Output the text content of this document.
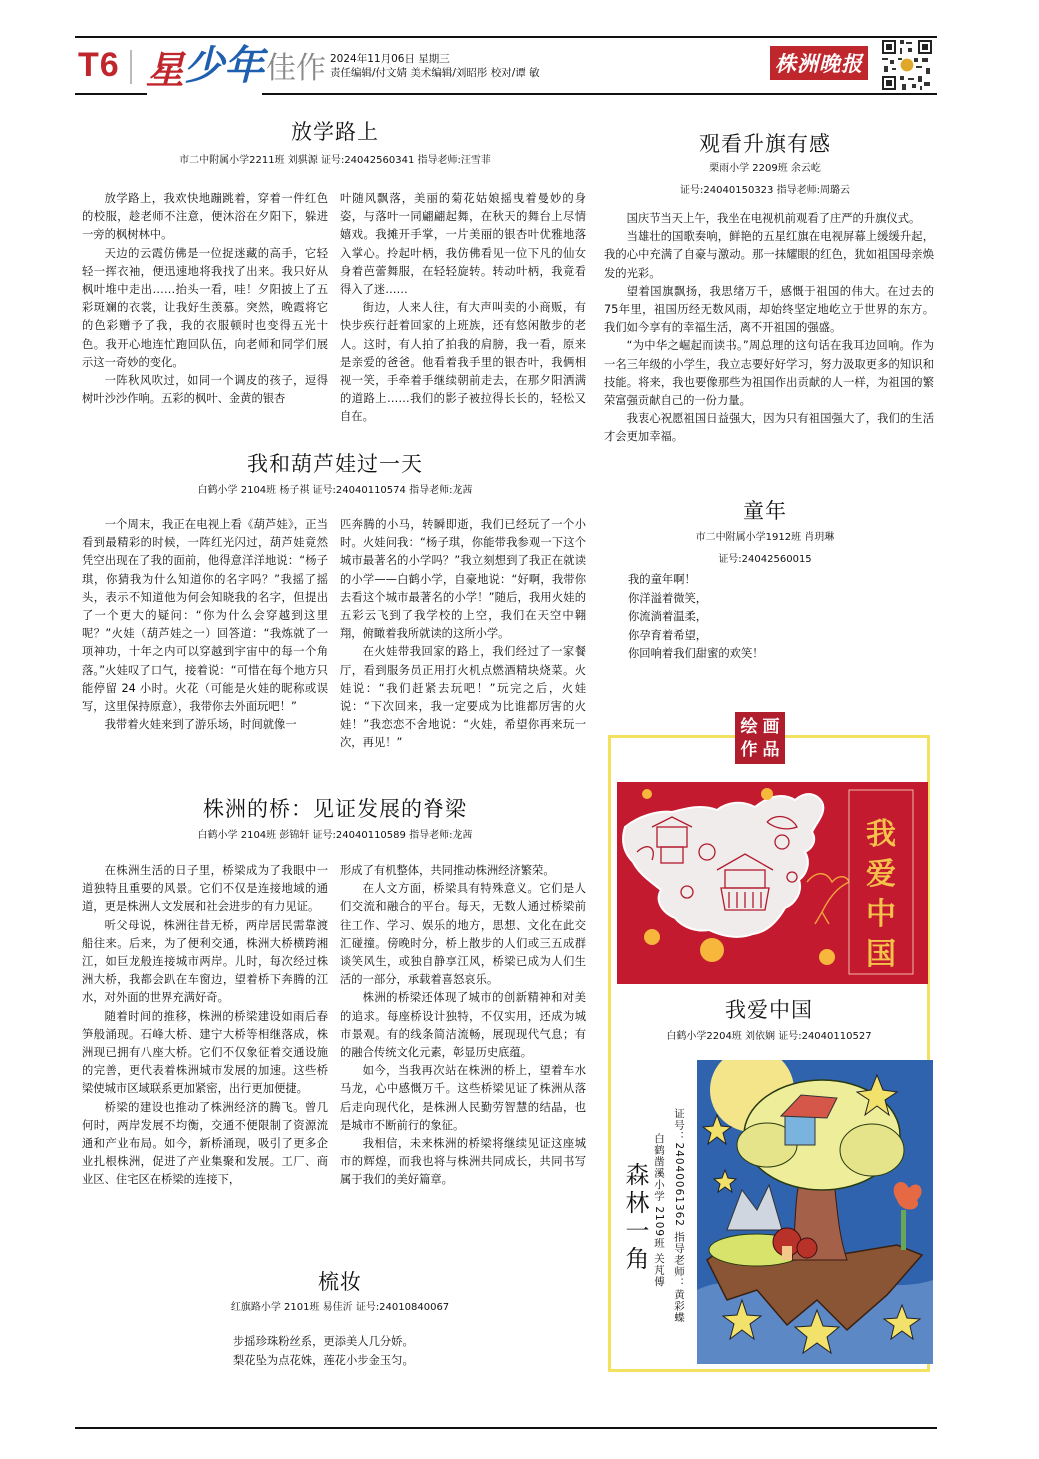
T6 星 少年 佳作 2024年11月06日 星期三
责任编辑/付文婧 美术编辑/刘昭彤 校对/谭 敏	株洲晚报
放学路上
市二中附属小学2211班 刘骐源 证号:24042560341 指导老师:汪雪菲

放学路上，我欢快地蹦跳着，穿着一件红色的校服，趁老师不注意，便沐浴在夕阳下，躲进一旁的枫树林中。

天边的云霞仿佛是一位捉迷藏的高手，它轻轻一挥衣袖，便迅速地将我找了出来。我只好从枫叶堆中走出……抬头一看，哇！夕阳披上了五彩斑斓的衣裳，让我好生羡慕。突然，晚霞将它的色彩赠予了我，我的衣服顿时也变得五光十色。我开心地连忙跑回队伍，向老师和同学们展示这一奇妙的变化。

一阵秋风吹过，如同一个调皮的孩子，逗得树叶沙沙作响。五彩的枫叶、金黄的银杏

叶随风飘落，美丽的菊花姑娘摇曳着曼妙的身姿，与落叶一同翩翩起舞，在秋天的舞台上尽情嬉戏。我摊开手掌，一片美丽的银杏叶优雅地落入掌心。拎起叶柄，我仿佛看见一位下凡的仙女身着芭蕾舞服，在轻轻旋转。转动叶柄，我竟看得入了迷……

街边，人来人往，有大声叫卖的小商贩，有快步疾行赶着回家的上班族，还有悠闲散步的老人。这时，有人拍了拍我的肩膀，我一看，原来是亲爱的爸爸。他看着我手里的银杏叶，我俩相视一笑，手牵着手继续朝前走去，在那夕阳洒满的道路上……我们的影子被拉得长长的，轻松又自在。

我和葫芦娃过一天
白鹤小学 2104班 杨子祺 证号:24040110574 指导老师:龙茜

一个周末，我正在电视上看《葫芦娃》，正当看到最精彩的时候，一阵红光闪过，葫芦娃竟然凭空出现在了我的面前，他得意洋洋地说：“杨子琪，你猜我为什么知道你的名字吗？”我摇了摇头，表示不知道他为何会知晓我的名字，但提出了一个更大的疑问：“你为什么会穿越到这里呢？”火娃（葫芦娃之一）回答道：“我炼就了一项神功，十年之内可以穿越到宇宙中的每一个角落。”火娃叹了口气，接着说：“可惜在每个地方只能停留 24 小时。火花（可能是火娃的昵称或误写，这里保持原意），我带你去外面玩吧！”

我带着火娃来到了游乐场，时间就像一

匹奔腾的小马，转瞬即逝，我们已经玩了一个小时。火娃问我：“杨子琪，你能带我参观一下这个城市最著名的小学吗？”我立刻想到了我正在就读的小学——白鹤小学，自豪地说：“好啊，我带你去看这个城市最著名的小学！”随后，我用火娃的五彩云飞到了我学校的上空，我们在天空中翱翔，俯瞰着我所就读的这所小学。

在火娃带我回家的路上，我们经过了一家餐厅，看到服务员正用打火机点燃酒精块烧菜。火娃说：“我们赶紧去玩吧！”玩完之后，火娃说：“下次回来，我一定要成为比谁都厉害的火娃！”我恋恋不舍地说：“火娃，希望你再来玩一次，再见！”

株洲的桥：见证发展的脊梁
白鹤小学 2104班 彭锦轩 证号:24040110589 指导老师:龙茜

在株洲生活的日子里，桥梁成为了我眼中一道独特且重要的风景。它们不仅是连接地域的通道，更是株洲人文发展和社会进步的有力见证。

听父母说，株洲往昔无桥，两岸居民需靠渡船往来。后来，为了便利交通，株洲大桥横跨湘江，如巨龙般连接城市两岸。儿时，每次经过株洲大桥，我都会趴在车窗边，望着桥下奔腾的江水，对外面的世界充满好奇。

随着时间的推移，株洲的桥梁建设如雨后春笋般涌现。石峰大桥、建宁大桥等相继落成，株洲现已拥有八座大桥。它们不仅象征着交通设施的完善，更代表着株洲城市发展的加速。这些桥梁使城市区域联系更加紧密，出行更加便捷。

桥梁的建设也推动了株洲经济的腾飞。曾几何时，两岸发展不均衡，交通不便限制了资源流通和产业布局。如今，新桥涌现，吸引了更多企业扎根株洲，促进了产业集聚和发展。工厂、商业区、住宅区在桥梁的连接下，

形成了有机整体，共同推动株洲经济繁荣。

在人文方面，桥梁具有特殊意义。它们是人们交流和融合的平台。每天，无数人通过桥梁前往工作、学习、娱乐的地方，思想、文化在此交汇碰撞。傍晚时分，桥上散步的人们或三五成群谈笑风生，或独自静享江风，桥梁已成为人们生活的一部分，承载着喜怒哀乐。

株洲的桥梁还体现了城市的创新精神和对美的追求。每座桥设计独特，不仅实用，还成为城市景观。有的线条简洁流畅，展现现代气息；有的融合传统文化元素，彰显历史底蕴。

如今，当我再次站在株洲的桥上，望着车水马龙，心中感慨万千。这些桥梁见证了株洲从落后走向现代化，是株洲人民勤劳智慧的结晶，也是城市不断前行的象征。

我相信，未来株洲的桥梁将继续见证这座城市的辉煌，而我也将与株洲共同成长，共同书写属于我们的美好篇章。

梳妆
红旗路小学 2101班 易佳沂 证号:24010840067
步摇珍珠粉丝系，更添美人几分娇。
梨花坠为点花姝，莲花小步金玉匀。
观看升旗有感
栗雨小学 2209班 余云屹
证号:24040150323 指导老师:周璐云

国庆节当天上午，我坐在电视机前观看了庄严的升旗仪式。

当雄壮的国歌奏响，鲜艳的五星红旗在电视屏幕上缓缓升起，我的心中充满了自豪与激动。那一抹耀眼的红色，犹如祖国母亲焕发的光彩。

望着国旗飘扬，我思绪万千，感慨于祖国的伟大。在过去的75年里，祖国历经无数风雨，却始终坚定地屹立于世界的东方。我们如今享有的幸福生活，离不开祖国的强盛。

“为中华之崛起而读书。”周总理的这句话在我耳边回响。作为一名三年级的小学生，我立志要好好学习，努力汲取更多的知识和技能。将来，我也要像那些为祖国作出贡献的人一样，为祖国的繁荣富强贡献自己的一份力量。

我衷心祝愿祖国日益强大，因为只有祖国强大了，我们的生活才会更加幸福。

童年
市二中附属小学1912班 肖玥琳
证号:24042560015
我的童年啊！
你洋溢着微笑，
你流淌着温柔，
你孕育着希望，
你回响着我们甜蜜的欢笑！
绘 画
作 品
我
爱
中
国
我爱中国
白鹤小学2204班 刘依娴 证号:24040110527
森林一角	证号：24040061362 指导老师：黄彩蝶
白鹤凿溪小学 2109班 关芃傅
